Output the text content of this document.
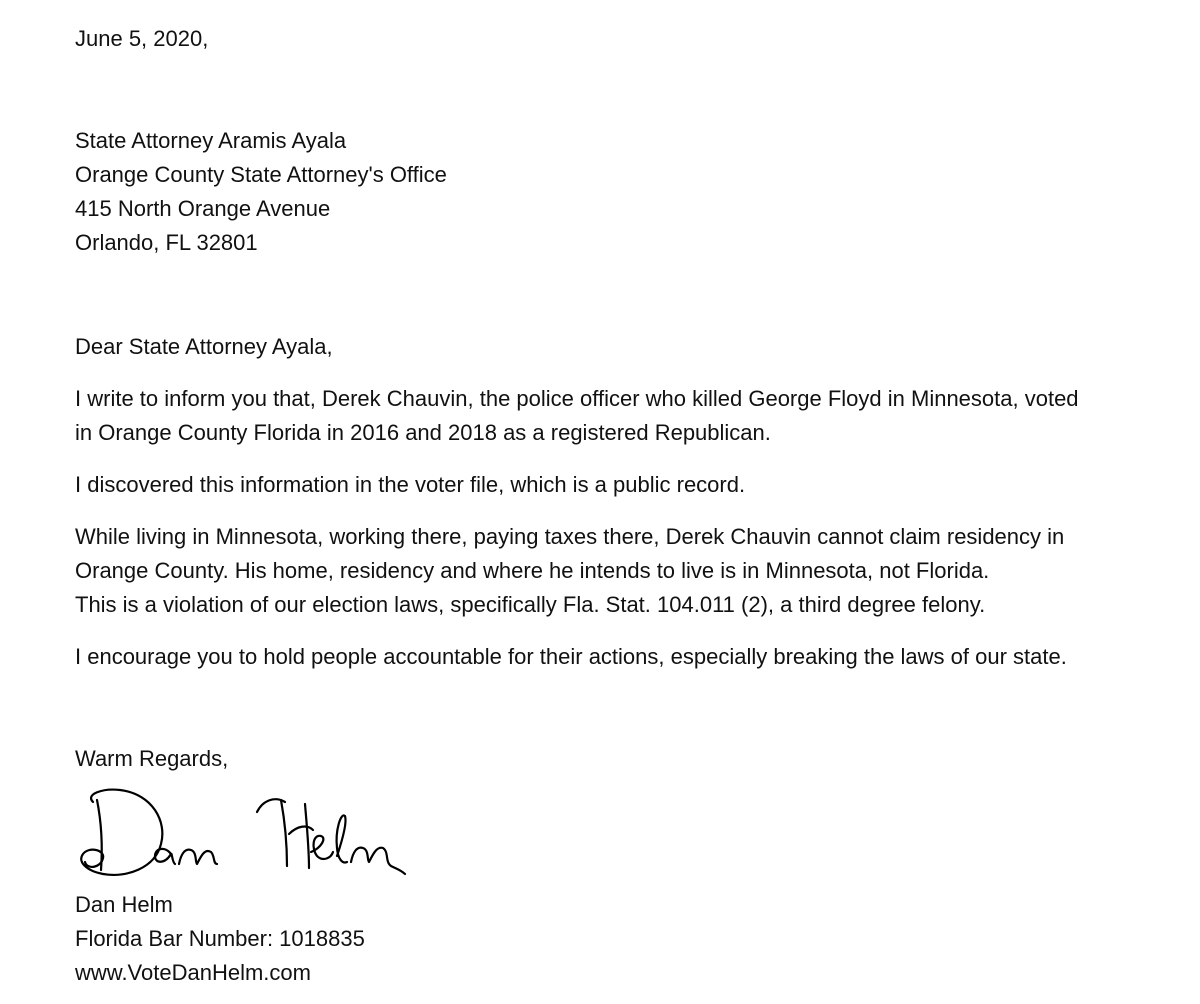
June 5, 2020,
State Attorney Aramis Ayala
Orange County State Attorney's Office
415 North Orange Avenue
Orlando, FL 32801
Dear State Attorney Ayala,
I write to inform you that, Derek Chauvin, the police officer who killed George Floyd in Minnesota, voted
in Orange County Florida in 2016 and 2018 as a registered Republican.
I discovered this information in the voter file, which is a public record.
While living in Minnesota, working there, paying taxes there, Derek Chauvin cannot claim residency in
Orange County. His home, residency and where he intends to live is in Minnesota, not Florida.
This is a violation of our election laws, specifically Fla. Stat. 104.011 (2), a third degree felony.
I encourage you to hold people accountable for their actions, especially breaking the laws of our state.
Warm Regards,
Dan Helm
Florida Bar Number: 1018835
www.VoteDanHelm.com
